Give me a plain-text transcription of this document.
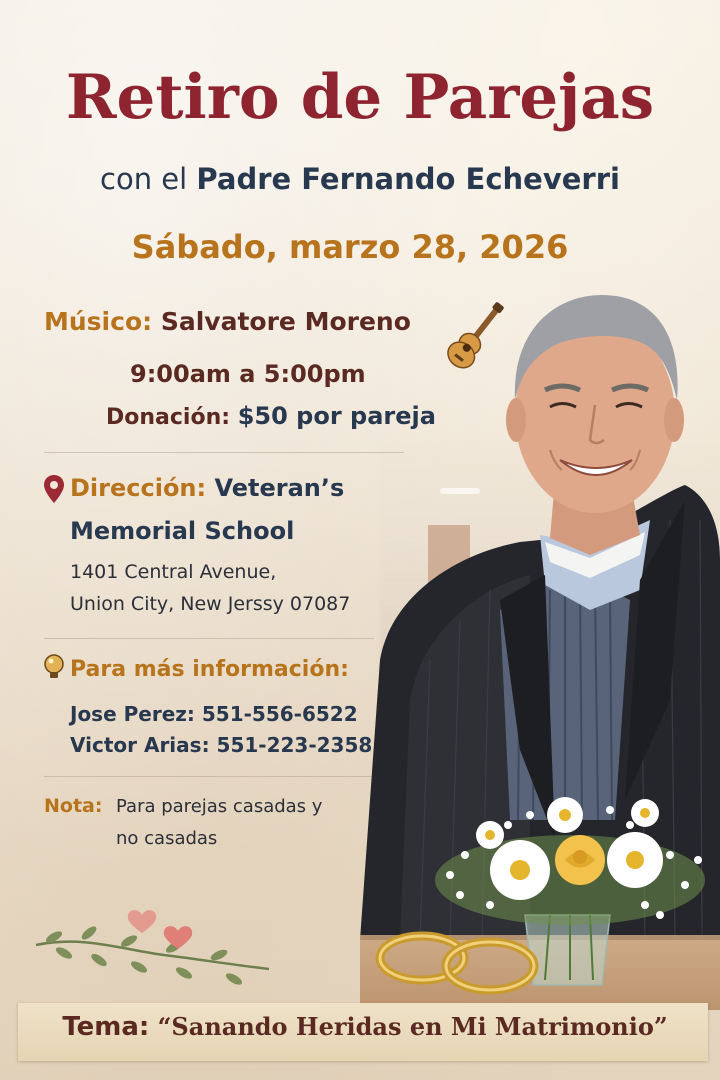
Retiro de Parejas
con el Padre Fernando Echeverri
Sábado, marzo 28, 2026
Músico: Salvatore Moreno
9:00am a 5:00pm
Donación: $50 por pareja
Dirección: Veteran’s
Memorial School
1401 Central Avenue,
Union City, New Jerssy 07087
Para más información:
Jose Perez: 551-556-6522
Victor Arias: 551-223-2358
Nota: Para parejas casadas y
no casadas
Tema: “Sanando Heridas en Mi Matrimonio”
